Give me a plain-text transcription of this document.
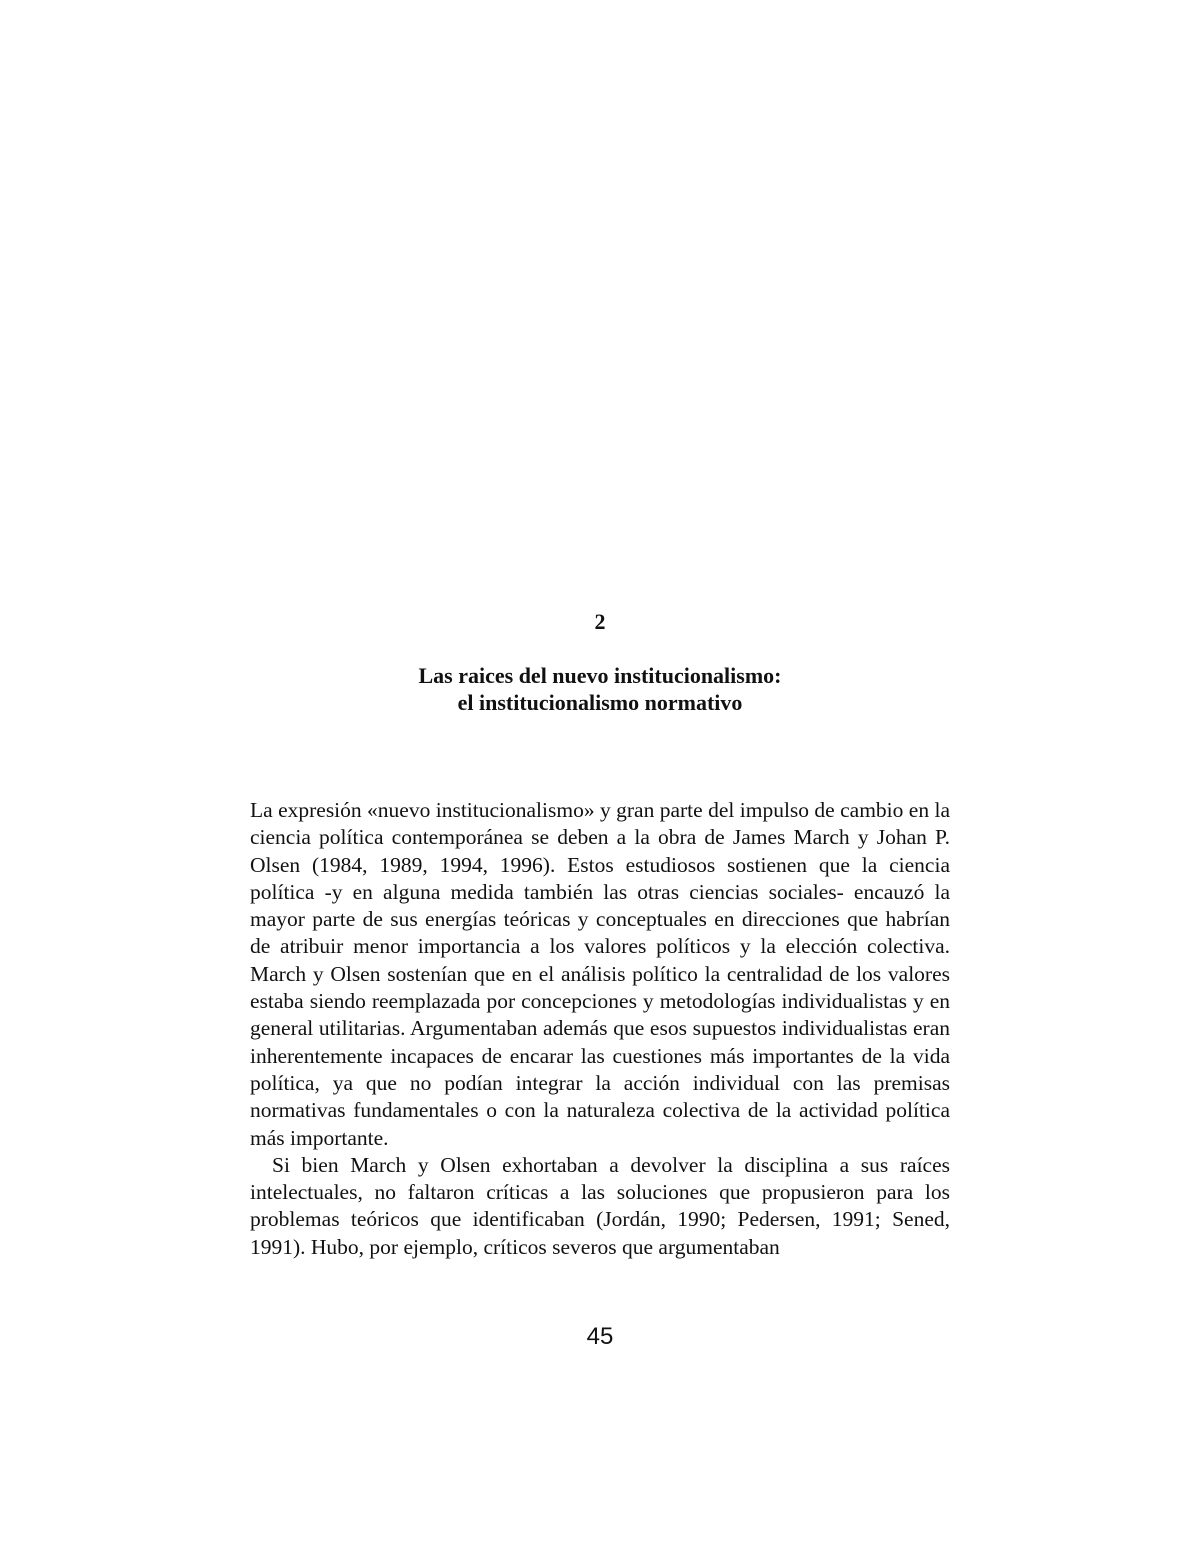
2
Las raices del nuevo institucionalismo:
el institucionalismo normativo

La expresión «nuevo institucionalismo» y gran parte del impulso de cambio en la ciencia política contemporánea se deben a la obra de James March y Johan P. Olsen (1984, 1989, 1994, 1996). Estos estudiosos sostienen que la ciencia política -y en alguna medida también las otras ciencias sociales- encauzó la mayor parte de sus energías teóricas y conceptuales en direcciones que habrían de atribuir menor importancia a los valores políticos y la elección colectiva. March y Olsen sostenían que en el análisis político la centralidad de los valores estaba siendo reemplazada por concepciones y metodologías individualistas y en general utilitarias. Argumentaban además que esos supuestos individualistas eran inherentemente incapaces de encarar las cuestiones más importantes de la vida política, ya que no podían integrar la acción individual con las premisas normativas fundamentales o con la naturaleza colectiva de la actividad política más importante.

Si bien March y Olsen exhortaban a devolver la disciplina a sus raíces intelectuales, no faltaron críticas a las soluciones que propusieron para los problemas teóricos que identificaban (Jordán, 1990; Pedersen, 1991; Sened, 1991). Hubo, por ejemplo, críticos severos que argumentaban

45
